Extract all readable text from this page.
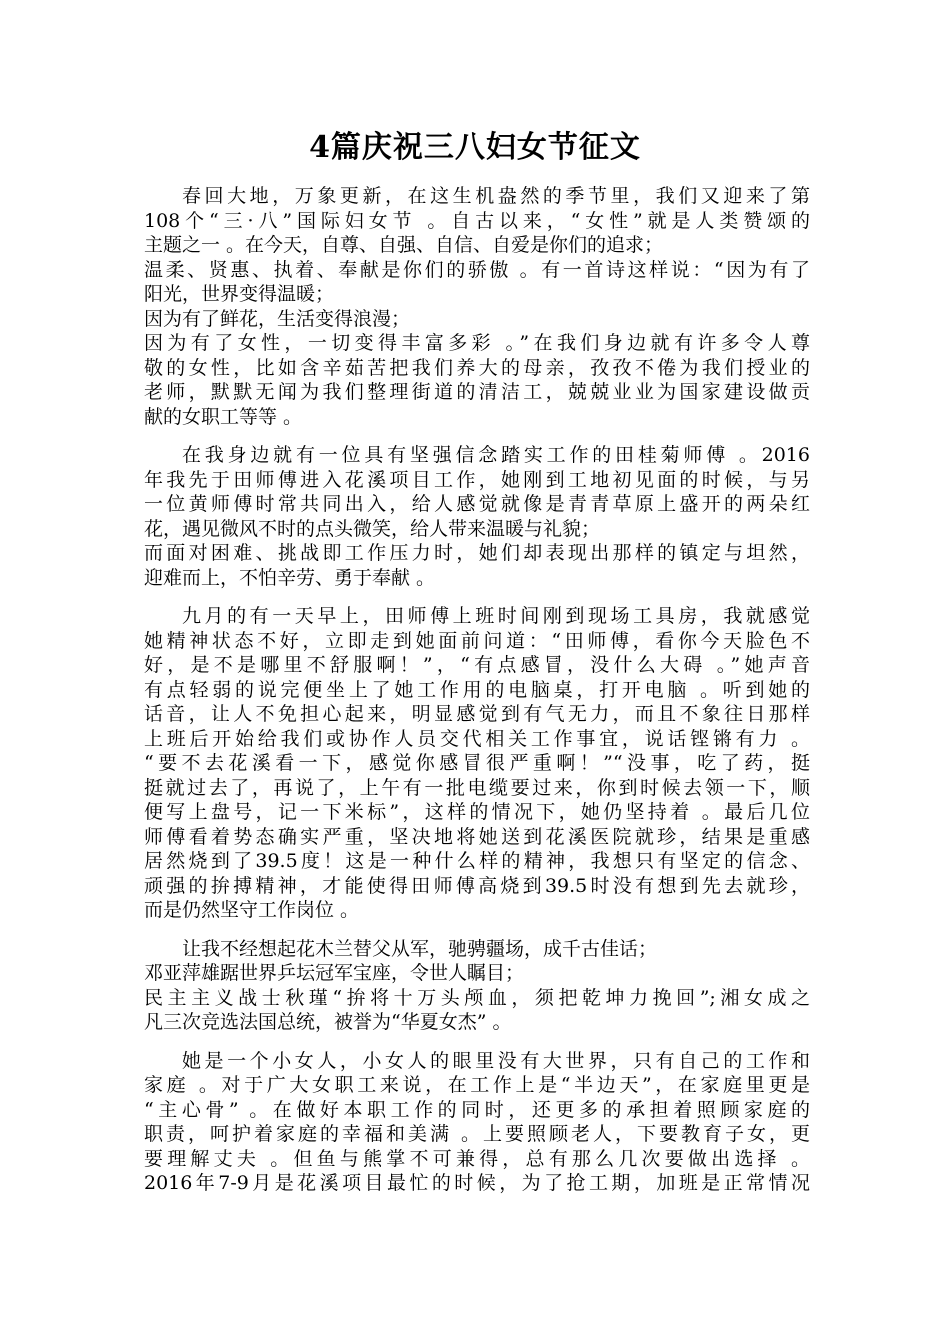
4篇庆祝三八妇女节征文
春回大地，万象更新，在这生机盎然的季节里，我们又迎来了第
108个“三·八”国际妇女节 。自古以来，“女性”就是人类赞颂的
主题之一 。在今天，自尊、自强、自信、自爱是你们的追求；
温柔、贤惠、执着、奉献是你们的骄傲 。有一首诗这样说：“因为有了
阳光，世界变得温暖；
因为有了鲜花，生活变得浪漫；
因为有了女性，一切变得丰富多彩 。”在我们身边就有许多令人尊
敬的女性，比如含辛茹苦把我们养大的母亲，孜孜不倦为我们授业的
老师，默默无闻为我们整理街道的清洁工，兢兢业业为国家建设做贡
献的女职工等等 。
在我身边就有一位具有坚强信念踏实工作的田桂菊师傅 。2016
年我先于田师傅进入花溪项目工作，她刚到工地初见面的时候，与另
一位黄师傅时常共同出入，给人感觉就像是青青草原上盛开的两朵红
花，遇见微风不时的点头微笑，给人带来温暖与礼貌；
而面对困难、挑战即工作压力时，她们却表现出那样的镇定与坦然，
迎难而上，不怕辛劳、勇于奉献 。
九月的有一天早上，田师傅上班时间刚到现场工具房，我就感觉
她精神状态不好，立即走到她面前问道：“田师傅，看你今天脸色不
好，是不是哪里不舒服啊！”，“有点感冒，没什么大碍 。”她声音
有点轻弱的说完便坐上了她工作用的电脑桌，打开电脑 。听到她的
话音，让人不免担心起来，明显感觉到有气无力，而且不象往日那样
上班后开始给我们或协作人员交代相关工作事宜，说话铿锵有力 。
“要不去花溪看一下，感觉你感冒很严重啊！”“没事，吃了药，挺
挺就过去了，再说了，上午有一批电缆要过来，你到时候去领一下，顺
便写上盘号，记一下米标”，这样的情况下，她仍坚持着 。最后几位
师傅看着势态确实严重，坚决地将她送到花溪医院就珍，结果是重感
居然烧到了39.5度！这是一种什么样的精神，我想只有坚定的信念、
顽强的拚搏精神，才能使得田师傅高烧到39.5时没有想到先去就珍，
而是仍然坚守工作岗位 。
让我不经想起花木兰替父从军，驰骋疆场，成千古佳话；
邓亚萍雄踞世界乒坛冠军宝座，令世人瞩目；
民主主义战士秋瑾“拚将十万头颅血，须把乾坤力挽回”;湘女成之
凡三次竞选法国总统，被誉为“华夏女杰” 。
她是一个小女人，小女人的眼里没有大世界，只有自己的工作和
家庭 。对于广大女职工来说，在工作上是“半边天”，在家庭里更是
“主心骨” 。在做好本职工作的同时，还更多的承担着照顾家庭的
职责，呵护着家庭的幸福和美满 。上要照顾老人，下要教育子女，更
要理解丈夫 。但鱼与熊掌不可兼得，总有那么几次要做出选择 。
2016年7-9月是花溪项目最忙的时候，为了抢工期，加班是正常情况
